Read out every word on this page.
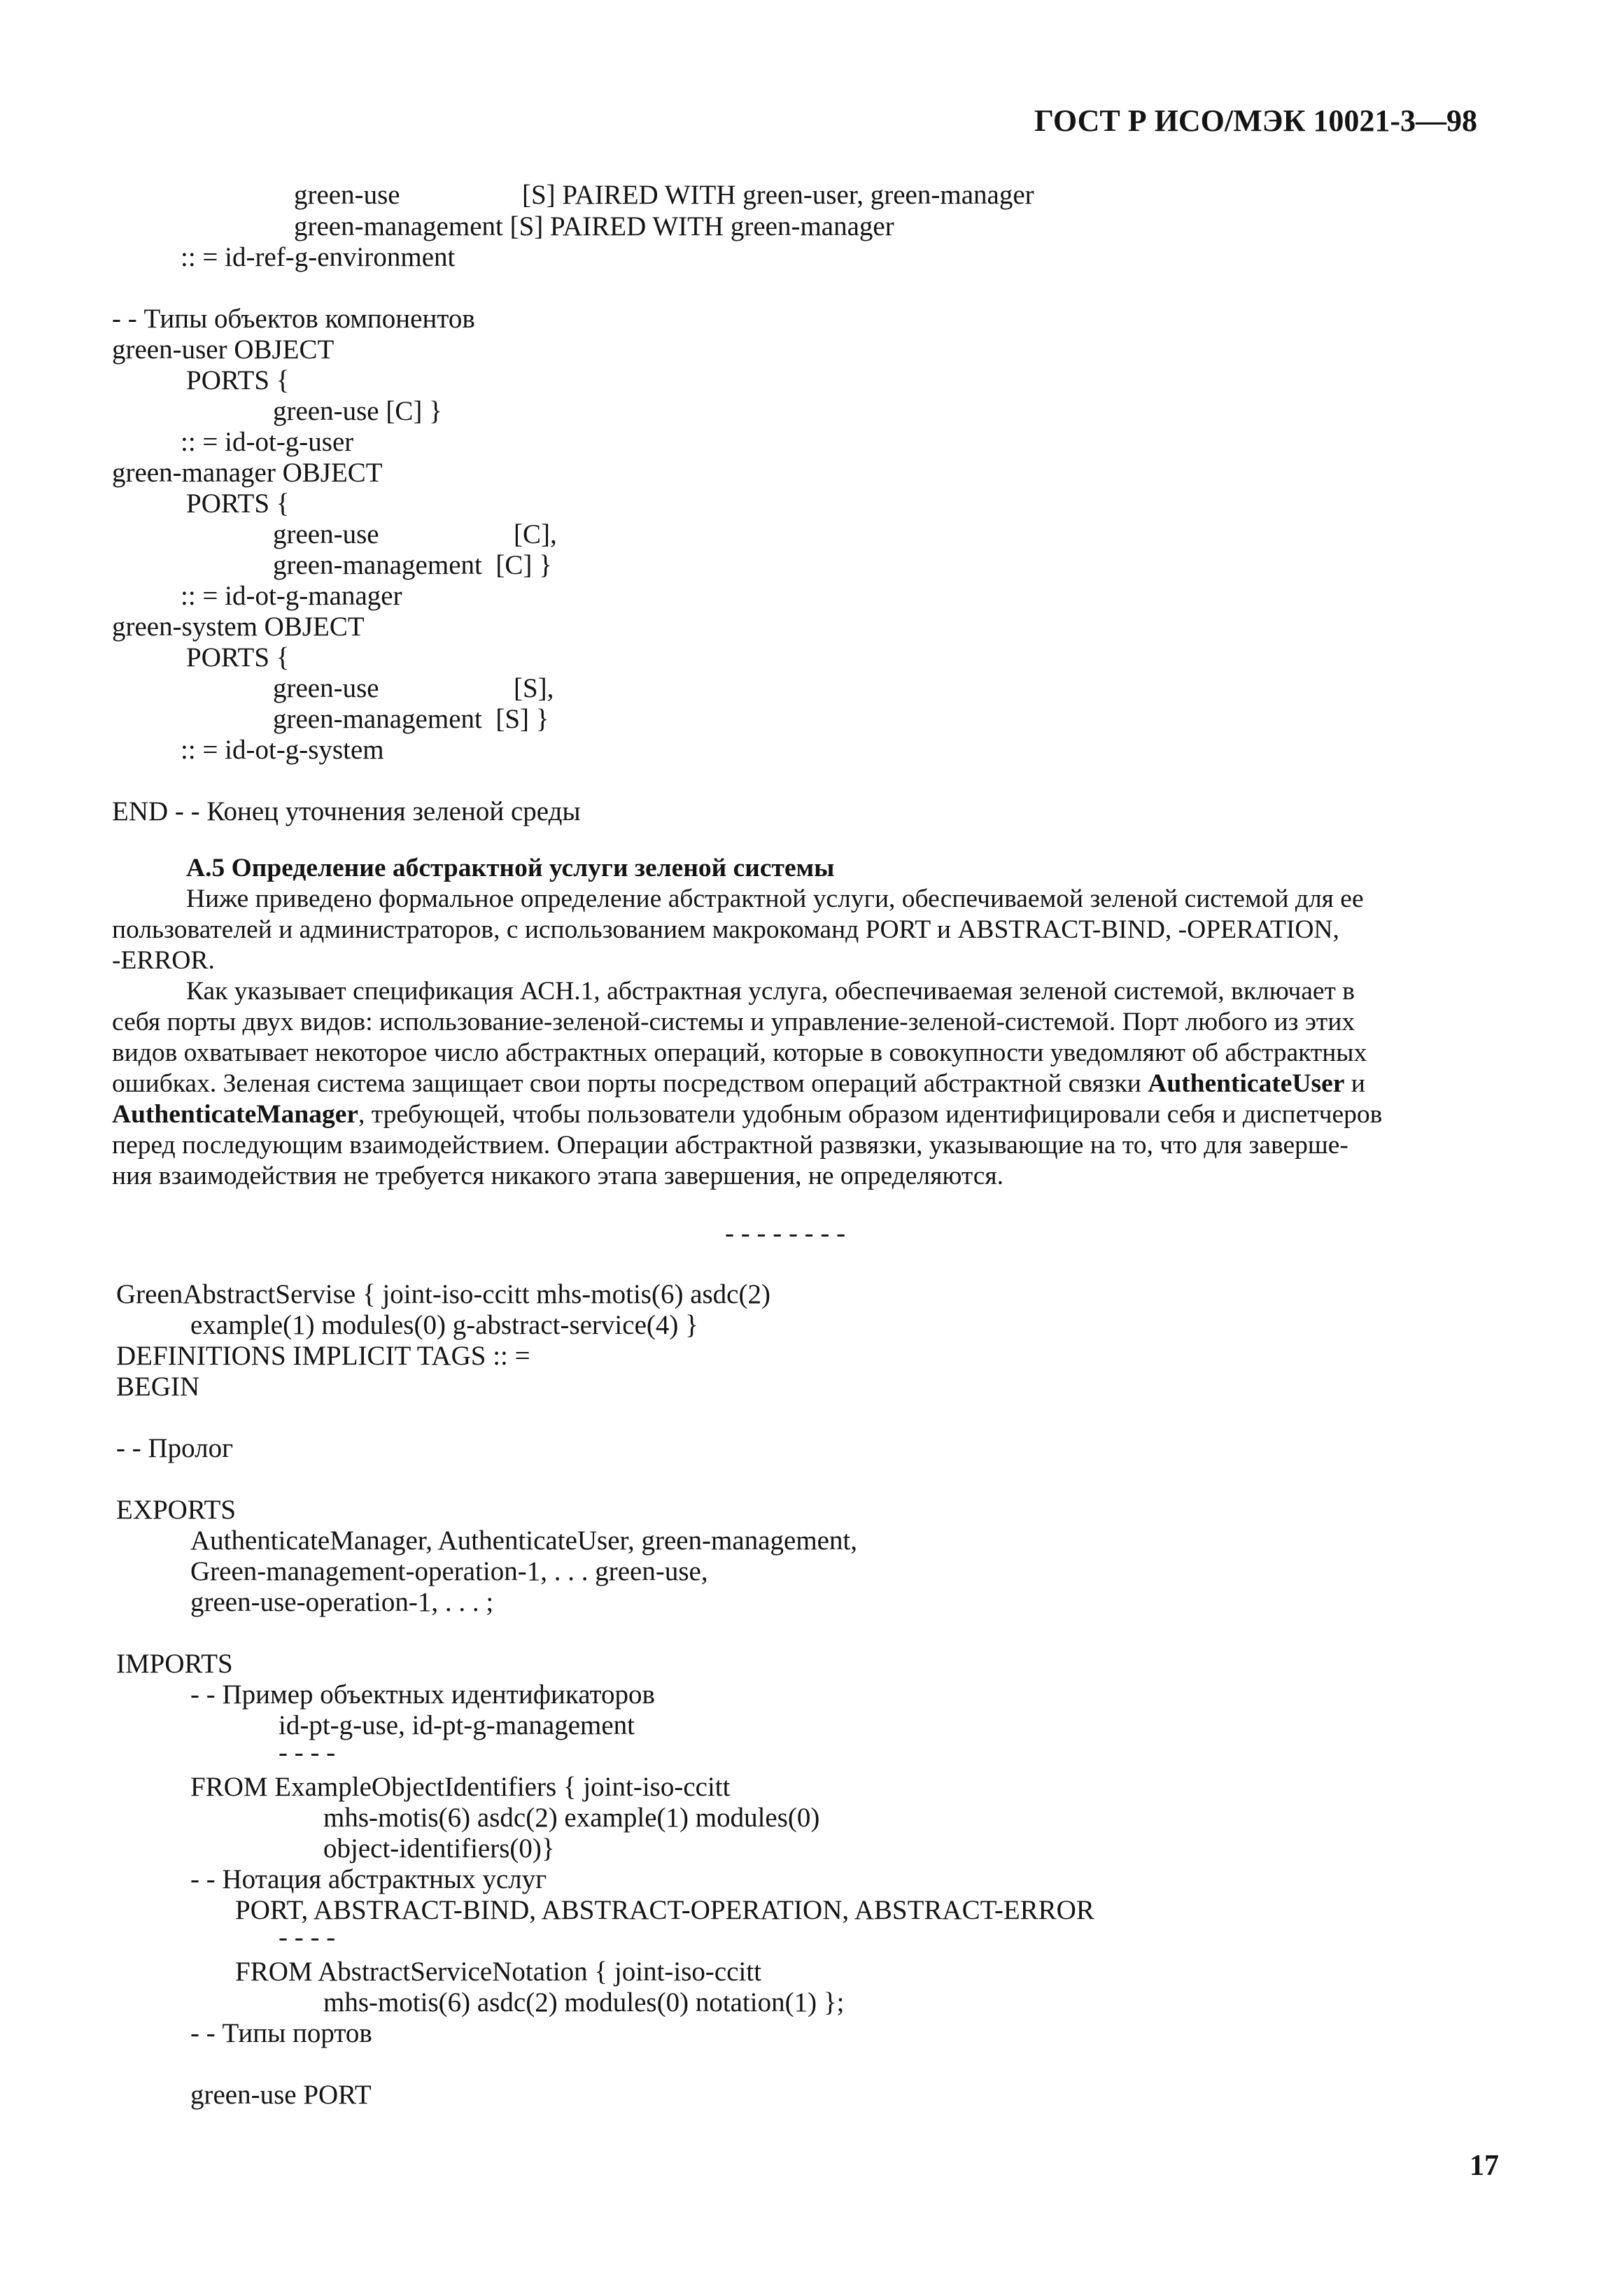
ГОСТ Р ИСО/МЭК 10021-3—98
green-use	[S] PAIRED WITH green-user, green-manager
green-management [S] PAIRED WITH green-manager
:: = id-ref-g-environment
- - Типы объектов компонентов
green-user OBJECT
PORTS {
green-use [C] }
:: = id-ot-g-user
green-manager OBJECT
PORTS {
green-use	[C],
green-management  [C] }
:: = id-ot-g-manager
green-system OBJECT
PORTS {
green-use	[S],
green-management  [S] }
:: = id-ot-g-system
END - - Конец уточнения зеленой среды
А.5 Определение абстрактной услуги зеленой системы
Ниже приведено формальное определение абстрактной услуги, обеспечиваемой зеленой системой для ее
пользователей и администраторов, с использованием макрокоманд PORT и ABSTRACT-BIND, -OPERATION,
-ERROR.
Как указывает спецификация АСН.1, абстрактная услуга, обеспечиваемая зеленой системой, включает в
себя порты двух видов: использование-зеленой-системы и управление-зеленой-системой. Порт любого из этих
видов охватывает некоторое число абстрактных операций, которые в совокупности уведомляют об абстрактных
ошибках. Зеленая система защищает свои порты посредством операций абстрактной связки AuthenticateUser и
AuthenticateManager, требующей, чтобы пользователи удобным образом идентифицировали себя и диспетчеров
перед последующим взаимодействием. Операции абстрактной развязки, указывающие на то, что для заверше-
ния взаимодействия не требуется никакого этапа завершения, не определяются.
- - - - - - - -
GreenAbstractServise { joint-iso-ccitt mhs-motis(6) asdc(2)
example(1) modules(0) g-abstract-service(4) }
DEFINITIONS IMPLICIT TAGS :: =
BEGIN
- - Пролог
EXPORTS
AuthenticateManager, AuthenticateUser, green-management,
Green-management-operation-1, . . . green-use,
green-use-operation-1, . . . ;
IMPORTS
- - Пример объектных идентификаторов
id-pt-g-use, id-pt-g-management
- - - -
FROM ExampleObjectIdentifiers { joint-iso-ccitt
mhs-motis(6) asdc(2) example(1) modules(0)
object-identifiers(0)}
- - Нотация абстрактных услуг
PORT, ABSTRACT-BIND, ABSTRACT-OPERATION, ABSTRACT-ERROR
- - - -
FROM AbstractServiceNotation { joint-iso-ccitt
mhs-motis(6) asdc(2) modules(0) notation(1) };
- - Типы портов
green-use PORT
17
